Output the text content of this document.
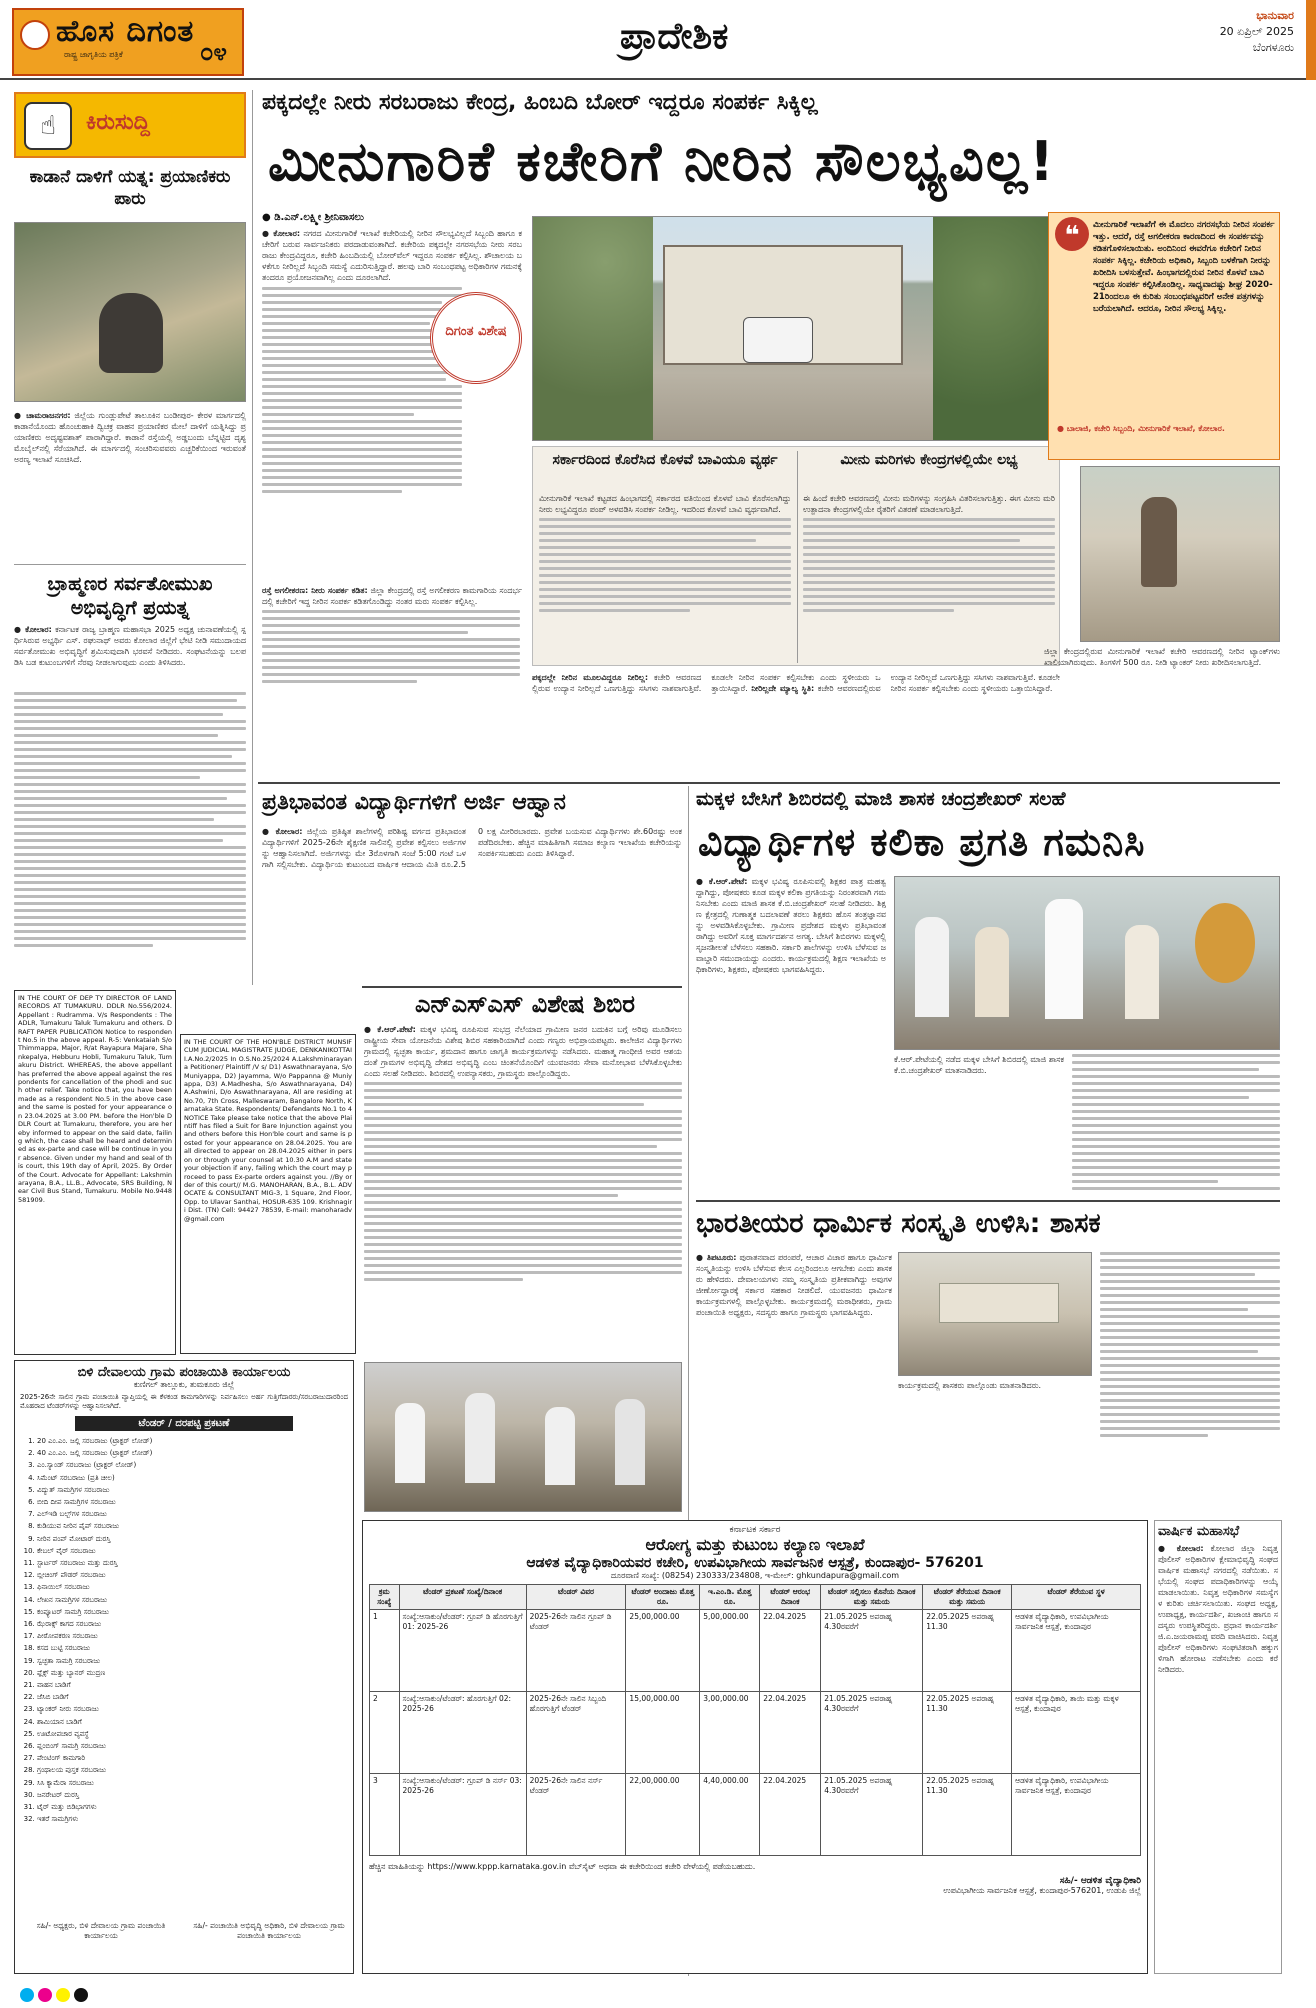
ಹೊಸ ದಿಗಂತ
ರಾಷ್ಟ್ರ ಜಾಗೃತಿಯ ಪತ್ರಿಕೆ	೦೪	ಪ್ರಾದೇಶಿಕ
ಭಾನುವಾರ
20 ಏಪ್ರಿಲ್ 2025
ಬೆಂಗಳೂರು
☝	ಕಿರುಸುದ್ದಿ
ಕಾಡಾನೆ ದಾಳಿಗೆ ಯತ್ನ: ಪ್ರಯಾಣಿಕರು ಪಾರು
● ಚಾಮರಾಜನಗರ: ಜಿಲ್ಲೆಯ ಗುಂಡ್ಲುಪೇಟೆ ತಾಲೂಕಿನ ಬಂಡೀಪುರ- ಕೇರಳ ಮಾರ್ಗದಲ್ಲಿ ಕಾಡಾನೆಯೊಂದು ಹೊಂಚುಹಾಕಿ ದ್ವಿಚಕ್ರ ವಾಹನ ಪ್ರಯಾಣಿಕರ ಮೇಲೆ ದಾಳಿಗೆ ಯತ್ನಿಸಿದ್ದು ಪ್ರಯಾಣಿಕರು ಅದೃಷ್ಟವಶಾತ್ ಪಾರಾಗಿದ್ದಾರೆ. ಕಾಡಾನೆ ರಸ್ತೆಯಲ್ಲಿ ಅಡ್ಡಬಂದು ಬೆನ್ನಟ್ಟಿದ ದೃಶ್ಯ ಮೊಬೈಲ್‌ನಲ್ಲಿ ಸೆರೆಯಾಗಿದೆ. ಈ ಮಾರ್ಗದಲ್ಲಿ ಸಂಚರಿಸುವವರು ಎಚ್ಚರಿಕೆಯಿಂದ ಇರುವಂತೆ ಅರಣ್ಯ ಇಲಾಖೆ ಸೂಚಿಸಿದೆ.
ಬ್ರಾಹ್ಮಣರ ಸರ್ವತೋಮುಖ ಅಭಿವೃದ್ಧಿಗೆ ಪ್ರಯತ್ನ
● ಕೋಲಾರ: ಕರ್ನಾಟಕ ರಾಜ್ಯ ಬ್ರಾಹ್ಮಣ ಮಹಾಸಭಾ 2025 ಅಧ್ಯಕ್ಷ ಚುನಾವಣೆಯಲ್ಲಿ ಸ್ಪರ್ಧಿಸಿರುವ ಅಭ್ಯರ್ಥಿ ಎಸ್. ರಘುನಾಥ್ ಅವರು ಕೋಲಾರ ಜಿಲ್ಲೆಗೆ ಭೇಟಿ ನೀಡಿ ಸಮುದಾಯದ ಸರ್ವತೋಮುಖ ಅಭಿವೃದ್ಧಿಗೆ ಶ್ರಮಿಸುವುದಾಗಿ ಭರವಸೆ ನೀಡಿದರು. ಸಂಘಟನೆಯನ್ನು ಬಲಪಡಿಸಿ ಬಡ ಕುಟುಂಬಗಳಿಗೆ ನೆರವು ನೀಡಲಾಗುವುದು ಎಂದು ತಿಳಿಸಿದರು.
ಪಕ್ಕದಲ್ಲೇ ನೀರು ಸರಬರಾಜು ಕೇಂದ್ರ, ಹಿಂಬದಿ ಬೋರ್ ಇದ್ದರೂ ಸಂಪರ್ಕ ಸಿಕ್ಕಿಲ್ಲ
ಮೀನುಗಾರಿಕೆ ಕಚೇರಿಗೆ ನೀರಿನ ಸೌಲಭ್ಯವಿಲ್ಲ!
● ಡಿ.ಎನ್.ಲಕ್ಷ್ಮೀ ಶ್ರೀನಿವಾಸಲು
● ಕೋಲಾರ: ನಗರದ ಮೀನುಗಾರಿಕೆ ಇಲಾಖೆ ಕಚೇರಿಯಲ್ಲಿ ನೀರಿನ ಸೌಲಭ್ಯವಿಲ್ಲದೆ ಸಿಬ್ಬಂದಿ ಹಾಗೂ ಕಚೇರಿಗೆ ಬರುವ ಸಾರ್ವಜನಿಕರು ಪರದಾಡುವಂತಾಗಿದೆ. ಕಚೇರಿಯ ಪಕ್ಕದಲ್ಲೇ ನಗರಸಭೆಯ ನೀರು ಸರಬರಾಜು ಕೇಂದ್ರವಿದ್ದರೂ, ಕಚೇರಿ ಹಿಂಬದಿಯಲ್ಲಿ ಬೋರ್‌ವೆಲ್ ಇದ್ದರೂ ಸಂಪರ್ಕ ಕಲ್ಪಿಸಿಲ್ಲ. ಶೌಚಾಲಯ ಬಳಕೆಗೂ ನೀರಿಲ್ಲದೆ ಸಿಬ್ಬಂದಿ ಸಮಸ್ಯೆ ಎದುರಿಸುತ್ತಿದ್ದಾರೆ. ಹಲವು ಬಾರಿ ಸಂಬಂಧಪಟ್ಟ ಅಧಿಕಾರಿಗಳ ಗಮನಕ್ಕೆ ತಂದರೂ ಪ್ರಯೋಜನವಾಗಿಲ್ಲ ಎಂದು ದೂರಲಾಗಿದೆ.
ದಿಗಂತ ವಿಶೇಷ
ರಸ್ತೆ ಅಗಲೀಕರಣ: ನೀರು ಸಂಪರ್ಕ ಕಡಿತ: ಜಿಲ್ಲಾ ಕೇಂದ್ರದಲ್ಲಿ ರಸ್ತೆ ಅಗಲೀಕರಣ ಕಾಮಗಾರಿಯ ಸಂದರ್ಭದಲ್ಲಿ ಕಚೇರಿಗೆ ಇದ್ದ ನೀರಿನ ಸಂಪರ್ಕ ಕಡಿತಗೊಂಡಿದ್ದು ನಂತರ ಮರು ಸಂಪರ್ಕ ಕಲ್ಪಿಸಿಲ್ಲ.
ಸರ್ಕಾರದಿಂದ ಕೊರೆಸಿದ ಕೊಳವೆ ಬಾವಿಯೂ ವ್ಯರ್ಥ
ಮೀನುಗಾರಿಕೆ ಇಲಾಖೆ ಕಟ್ಟಡದ ಹಿಂಭಾಗದಲ್ಲಿ ಸರ್ಕಾರದ ವತಿಯಿಂದ ಕೊಳವೆ ಬಾವಿ ಕೊರೆಸಲಾಗಿದ್ದು ನೀರು ಲಭ್ಯವಿದ್ದರೂ ಪಂಪ್ ಅಳವಡಿಸಿ ಸಂಪರ್ಕ ನೀಡಿಲ್ಲ. ಇದರಿಂದ ಕೊಳವೆ ಬಾವಿ ವ್ಯರ್ಥವಾಗಿದೆ.
ಮೀನು ಮರಿಗಳು ಕೇಂದ್ರಗಳಲ್ಲಿಯೇ ಲಭ್ಯ
ಈ ಹಿಂದೆ ಕಚೇರಿ ಆವರಣದಲ್ಲಿ ಮೀನು ಮರಿಗಳನ್ನು ಸಂಗ್ರಹಿಸಿ ವಿತರಿಸಲಾಗುತ್ತಿತ್ತು. ಈಗ ಮೀನು ಮರಿ ಉತ್ಪಾದನಾ ಕೇಂದ್ರಗಳಲ್ಲಿಯೇ ರೈತರಿಗೆ ವಿತರಣೆ ಮಾಡಲಾಗುತ್ತಿದೆ.
ಪಕ್ಕದಲ್ಲೇ ನೀರಿನ ಮೂಲವಿದ್ದರೂ ನೀರಿಲ್ಲ: ಕಚೇರಿ ಆವರಣದಲ್ಲಿರುವ ಉದ್ಯಾನ ನೀರಿಲ್ಲದೆ ಒಣಗುತ್ತಿದ್ದು ಸಸಿಗಳು ನಾಶವಾಗುತ್ತಿವೆ. ಕೂಡಲೇ ನೀರಿನ ಸಂಪರ್ಕ ಕಲ್ಪಿಸಬೇಕು ಎಂದು ಸ್ಥಳೀಯರು ಒತ್ತಾಯಿಸಿದ್ದಾರೆ. ನೀರಿಲ್ಲದೇ ಮ್ಯಾಲ್ಯ ಸ್ಥಿತಿ: ಕಚೇರಿ ಆವರಣದಲ್ಲಿರುವ ಉದ್ಯಾನ ನೀರಿಲ್ಲದೆ ಒಣಗುತ್ತಿದ್ದು ಸಸಿಗಳು ನಾಶವಾಗುತ್ತಿವೆ. ಕೂಡಲೇ ನೀರಿನ ಸಂಪರ್ಕ ಕಲ್ಪಿಸಬೇಕು ಎಂದು ಸ್ಥಳೀಯರು ಒತ್ತಾಯಿಸಿದ್ದಾರೆ.
❝	ಮೀನುಗಾರಿಕೆ ಇಲಾಖೆಗೆ ಈ ಮೊದಲು ನಗರಸಭೆಯ ನೀರಿನ ಸಂಪರ್ಕ ಇತ್ತು. ಆದರೆ, ರಸ್ತೆ ಅಗಲೀಕರಣ ಕಾರಣದಿಂದ ಈ ಸಂಪರ್ಕವನ್ನು ಕಡಿತಗೊಳಿಸಲಾಯಿತು. ಅಂದಿನಿಂದ ಈವರೆಗೂ ಕಚೇರಿಗೆ ನೀರಿನ ಸಂಪರ್ಕ ಸಿಕ್ಕಿಲ್ಲ. ಕಚೇರಿಯ ಅಧಿಕಾರಿ, ಸಿಬ್ಬಂದಿ ಬಳಕೆಗಾಗಿ ನೀರನ್ನು ಖರೀದಿಸಿ ಬಳಸುತ್ತೇವೆ. ಹಿಂಭಾಗದಲ್ಲಿರುವ ನೀರಿನ ಕೊಳವೆ ಬಾವಿ ಇದ್ದರೂ ಸಂಪರ್ಕ ಕಲ್ಪಿಸಿಕೊಂಡಿಲ್ಲ. ಸಾಧ್ಯವಾದಷ್ಟು ಶೀಘ್ರ 2020-21ರಿಂದಲೂ ಈ ಕುರಿತು ಸಂಬಂಧಪಟ್ಟವರಿಗೆ ಅನೇಕ ಪತ್ರಗಳನ್ನು ಬರೆಯಲಾಗಿದೆ. ಆದರೂ, ನೀರಿನ ಸೌಲಭ್ಯ ಸಿಕ್ಕಿಲ್ಲ.
● ಬಾಲಾಜಿ, ಕಚೇರಿ ಸಿಬ್ಬಂದಿ, ಮೀನುಗಾರಿಕೆ ಇಲಾಖೆ, ಕೋಲಾರ.
ಜಿಲ್ಲಾ ಕೇಂದ್ರದಲ್ಲಿರುವ ಮೀನುಗಾರಿಕೆ ಇಲಾಖೆ ಕಚೇರಿ ಆವರಣದಲ್ಲಿ ನೀರಿನ ಟ್ಯಾಂಕ್‌ಗಳು ಖಾಲಿಯಾಗಿರುವುದು. ತಿಂಗಳಿಗೆ 500 ರೂ. ನೀಡಿ ಟ್ಯಾಂಕರ್ ನೀರು ಖರೀದಿಸಲಾಗುತ್ತಿದೆ.
ಪ್ರತಿಭಾವಂತ ವಿದ್ಯಾರ್ಥಿಗಳಿಗೆ ಅರ್ಜಿ ಆಹ್ವಾನ
● ಕೋಲಾರ: ಜಿಲ್ಲೆಯ ಪ್ರತಿಷ್ಠಿತ ಶಾಲೆಗಳಲ್ಲಿ ಪರಿಶಿಷ್ಟ ವರ್ಗದ ಪ್ರತಿಭಾವಂತ ವಿದ್ಯಾರ್ಥಿಗಳಿಗೆ 2025-26ನೇ ಶೈಕ್ಷಣಿಕ ಸಾಲಿನಲ್ಲಿ ಪ್ರವೇಶ ಕಲ್ಪಿಸಲು ಅರ್ಜಿಗಳನ್ನು ಆಹ್ವಾನಿಸಲಾಗಿದೆ. ಅರ್ಜಿಗಳನ್ನು ಮೇ 3ರೊಳಗಾಗಿ ಸಂಜೆ 5:00 ಗಂಟೆ ಒಳಗಾಗಿ ಸಲ್ಲಿಸಬೇಕು. ವಿದ್ಯಾರ್ಥಿಯ ಕುಟುಂಬದ ವಾರ್ಷಿಕ ಆದಾಯ ಮಿತಿ ರೂ.2.50 ಲಕ್ಷ ಮೀರಿರಬಾರದು. ಪ್ರವೇಶ ಬಯಸುವ ವಿದ್ಯಾರ್ಥಿಗಳು ಶೇ.60ರಷ್ಟು ಅಂಕ ಪಡೆದಿರಬೇಕು. ಹೆಚ್ಚಿನ ಮಾಹಿತಿಗಾಗಿ ಸಮಾಜ ಕಲ್ಯಾಣ ಇಲಾಖೆಯ ಕಚೇರಿಯನ್ನು ಸಂಪರ್ಕಿಸಬಹುದು ಎಂದು ತಿಳಿಸಿದ್ದಾರೆ.
ಮಕ್ಕಳ ಬೇಸಿಗೆ ಶಿಬಿರದಲ್ಲಿ ಮಾಜಿ ಶಾಸಕ ಚಂದ್ರಶೇಖರ್ ಸಲಹೆ
ವಿದ್ಯಾರ್ಥಿಗಳ ಕಲಿಕಾ ಪ್ರಗತಿ ಗಮನಿಸಿ
● ಕೆ.ಆರ್.ಪೇಟೆ: ಮಕ್ಕಳ ಭವಿಷ್ಯ ರೂಪಿಸುವಲ್ಲಿ ಶಿಕ್ಷಕರ ಪಾತ್ರ ಮಹತ್ವದ್ದಾಗಿದ್ದು, ಪೋಷಕರು ಕೂಡ ಮಕ್ಕಳ ಕಲಿಕಾ ಪ್ರಗತಿಯನ್ನು ನಿರಂತರವಾಗಿ ಗಮನಿಸಬೇಕು ಎಂದು ಮಾಜಿ ಶಾಸಕ ಕೆ.ಬಿ.ಚಂದ್ರಶೇಖರ್ ಸಲಹೆ ನೀಡಿದರು. ಶಿಕ್ಷಣ ಕ್ಷೇತ್ರದಲ್ಲಿ ಗುಣಾತ್ಮಕ ಬದಲಾವಣೆ ತರಲು ಶಿಕ್ಷಕರು ಹೊಸ ತಂತ್ರಜ್ಞಾನವನ್ನು ಅಳವಡಿಸಿಕೊಳ್ಳಬೇಕು. ಗ್ರಾಮೀಣ ಪ್ರದೇಶದ ಮಕ್ಕಳು ಪ್ರತಿಭಾವಂತರಾಗಿದ್ದು ಅವರಿಗೆ ಸೂಕ್ತ ಮಾರ್ಗದರ್ಶನ ಅಗತ್ಯ. ಬೇಸಿಗೆ ಶಿಬಿರಗಳು ಮಕ್ಕಳಲ್ಲಿ ಸೃಜನಶೀಲತೆ ಬೆಳೆಸಲು ಸಹಕಾರಿ. ಸರ್ಕಾರಿ ಶಾಲೆಗಳನ್ನು ಉಳಿಸಿ ಬೆಳೆಸುವ ಜವಾಬ್ದಾರಿ ಸಮುದಾಯದ್ದು ಎಂದರು. ಕಾರ್ಯಕ್ರಮದಲ್ಲಿ ಶಿಕ್ಷಣ ಇಲಾಖೆಯ ಅಧಿಕಾರಿಗಳು, ಶಿಕ್ಷಕರು, ಪೋಷಕರು ಭಾಗವಹಿಸಿದ್ದರು.
ಕೆ.ಆರ್.ಪೇಟೆಯಲ್ಲಿ ನಡೆದ ಮಕ್ಕಳ ಬೇಸಿಗೆ ಶಿಬಿರದಲ್ಲಿ ಮಾಜಿ ಶಾಸಕ ಕೆ.ಬಿ.ಚಂದ್ರಶೇಖರ್ ಮಾತನಾಡಿದರು.
ಭಾರತೀಯರ ಧಾರ್ಮಿಕ ಸಂಸ್ಕೃತಿ ಉಳಿಸಿ: ಶಾಸಕ
● ತಿಪಟೂರು: ಪುರಾತನವಾದ ಪರಂಪರೆ, ಆಚಾರ ವಿಚಾರ ಹಾಗೂ ಧಾರ್ಮಿಕ ಸಂಸ್ಕೃತಿಯನ್ನು ಉಳಿಸಿ ಬೆಳೆಸುವ ಕೆಲಸ ಎಲ್ಲರಿಂದಲೂ ಆಗಬೇಕು ಎಂದು ಶಾಸಕರು ಹೇಳಿದರು. ದೇವಾಲಯಗಳು ನಮ್ಮ ಸಂಸ್ಕೃತಿಯ ಪ್ರತೀಕವಾಗಿದ್ದು ಅವುಗಳ ಜೀರ್ಣೋದ್ಧಾರಕ್ಕೆ ಸರ್ಕಾರ ಸಹಕಾರ ನೀಡಲಿದೆ. ಯುವಜನರು ಧಾರ್ಮಿಕ ಕಾರ್ಯಕ್ರಮಗಳಲ್ಲಿ ಪಾಲ್ಗೊಳ್ಳಬೇಕು. ಕಾರ್ಯಕ್ರಮದಲ್ಲಿ ಮಠಾಧೀಶರು, ಗ್ರಾಮ ಪಂಚಾಯಿತಿ ಅಧ್ಯಕ್ಷರು, ಸದಸ್ಯರು ಹಾಗೂ ಗ್ರಾಮಸ್ಥರು ಭಾಗವಹಿಸಿದ್ದರು.
ಕಾರ್ಯಕ್ರಮದಲ್ಲಿ ಶಾಸಕರು ಪಾಲ್ಗೊಂಡು ಮಾತನಾಡಿದರು.
IN THE COURT OF DEP TY DIRECTOR OF LAND RECORDS AT TUMAKURU. DDLR No.556/2024. Appellant : Rudramma. V/s Respondents : The ADLR, Tumakuru Taluk Tumakuru and others. DRAFT PAPER PUBLICATION Notice to respondent No.5 in the above appeal. R-5: Venkataiah S/o Thimmappa, Major, R/at Rayapura Majare, Shankepalya, Hebburu Hobli, Tumakuru Taluk, Tumakuru District. WHEREAS, the above appellant has preferred the above appeal against the respondents for cancellation of the phodi and such other relief. Take notice that, you have been made as a respondent No.5 in the above case and the same is posted for your appearance on 23.04.2025 at 3.00 PM. before the Hon'ble DDLR Court at Tumakuru, therefore, you are hereby informed to appear on the said date, failing which, the case shall be heard and determined as ex-parte and case will be continue in your absence. Given under my hand and seal of this court, this 19th day of April, 2025. By Order of the Court. Advocate for Appellant: Lakshminarayana, B.A., LL.B., Advocate, SRS Building, Near Civil Bus Stand, Tumakuru. Mobile No.9448581909.
IN THE COURT OF THE HON'BLE DISTRICT MUNSIF CUM JUDICIAL MAGISTRATE JUDGE, DENKANIKOTTAI I.A.No.2/2025 In O.S.No.25/2024 A.Lakshminarayana Petitioner/ Plaintiff /V s/ D1) Aswathnarayana, S/o Muniyappa, D2) Jayamma, W/o Pappanna @ Muniyappa, D3) A.Madhesha, S/o Aswathnarayana, D4) A.Ashwini, D/o Aswathnarayana, All are residing at No.70, 7th Cross, Malleswaram, Bangalore North, Karnataka State. Respondents/ Defendants No.1 to 4 NOTICE Take please take notice that the above Plaintiff has filed a Suit for Bare Injunction against you and others before this Hon'ble court and same is posted for your appearance on 28.04.2025. You are all directed to appear on 28.04.2025 either in person or through your counsel at 10.30 A.M and state your objection if any, failing which the court may proceed to pass Ex-parte orders against you. //By order of this court// M.G. MANOHARAN, B.A., B.L. ADVOCATE & CONSULTANT MIG-3, 1 Square, 2nd Floor, Opp. to Ulavar Santhai, HOSUR-635 109. Krishnagiri Dist. (TN) Cell: 94427 78539, E-mail: manoharadv@gmail.com
ಎನ್‌ಎಸ್‌ಎಸ್ ವಿಶೇಷ ಶಿಬಿರ
● ಕೆ.ಆರ್.ಪೇಟೆ: ಮಕ್ಕಳ ಭವಿಷ್ಯ ರೂಪಿಸುವ ಸುಭದ್ರ ನೆಲೆಯಾದ ಗ್ರಾಮೀಣ ಜನರ ಬದುಕಿನ ಬಗ್ಗೆ ಅರಿವು ಮೂಡಿಸಲು ರಾಷ್ಟ್ರೀಯ ಸೇವಾ ಯೋಜನೆಯ ವಿಶೇಷ ಶಿಬಿರ ಸಹಕಾರಿಯಾಗಿದೆ ಎಂದು ಗಣ್ಯರು ಅಭಿಪ್ರಾಯಪಟ್ಟರು. ಕಾಲೇಜಿನ ವಿದ್ಯಾರ್ಥಿಗಳು ಗ್ರಾಮದಲ್ಲಿ ಸ್ವಚ್ಛತಾ ಕಾರ್ಯ, ಶ್ರಮದಾನ ಹಾಗೂ ಜಾಗೃತಿ ಕಾರ್ಯಕ್ರಮಗಳನ್ನು ನಡೆಸಿದರು. ಮಹಾತ್ಮ ಗಾಂಧೀಜಿ ಅವರ ಆಶಯದಂತೆ ಗ್ರಾಮಗಳ ಅಭಿವೃದ್ಧಿ ದೇಶದ ಅಭಿವೃದ್ಧಿ ಎಂಬ ಚಿಂತನೆಯೊಂದಿಗೆ ಯುವಜನರು ಸೇವಾ ಮನೋಭಾವ ಬೆಳೆಸಿಕೊಳ್ಳಬೇಕು ಎಂದು ಸಲಹೆ ನೀಡಿದರು. ಶಿಬಿರದಲ್ಲಿ ಉಪನ್ಯಾಸಕರು, ಗ್ರಾಮಸ್ಥರು ಪಾಲ್ಗೊಂಡಿದ್ದರು.
ಬಿಳಿ ದೇವಾಲಯ ಗ್ರಾಮ ಪಂಚಾಯಿತಿ ಕಾರ್ಯಾಲಯ
ಕುಣಿಗಲ್ ತಾಲ್ಲೂಕು, ತುಮಕೂರು ಜಿಲ್ಲೆ
2025-26ನೇ ಸಾಲಿನ ಗ್ರಾಮ ಪಂಚಾಯಿತಿ ವ್ಯಾಪ್ತಿಯಲ್ಲಿ ಈ ಕೆಳಕಂಡ ಕಾಮಗಾರಿಗಳನ್ನು ನಿರ್ವಹಿಸಲು ಅರ್ಹ ಗುತ್ತಿಗೆದಾರರು/ಸರಬರಾಜುದಾರರಿಂದ ಮೊಹರಾದ ಟೆಂಡರ್‌ಗಳನ್ನು ಆಹ್ವಾನಿಸಲಾಗಿದೆ.
ಟೆಂಡರ್ / ದರಪಟ್ಟಿ ಪ್ರಕಟಣೆ
1. 20 ಎಂ.ಎಂ. ಜಲ್ಲಿ ಸರಬರಾಜು (ಟ್ರಾಕ್ಟರ್ ಲೋಡ್)
2. 40 ಎಂ.ಎಂ. ಜಲ್ಲಿ ಸರಬರಾಜು (ಟ್ರಾಕ್ಟರ್ ಲೋಡ್)
3. ಎಂ.ಸ್ಯಾಂಡ್ ಸರಬರಾಜು (ಟ್ರಾಕ್ಟರ್ ಲೋಡ್)
4. ಸಿಮೆಂಟ್ ಸರಬರಾಜು (ಪ್ರತಿ ಚೀಲ)
5. ವಿದ್ಯುತ್ ಸಾಮಗ್ರಿಗಳ ಸರಬರಾಜು
6. ಬೀದಿ ದೀಪ ಸಾಮಗ್ರಿಗಳ ಸರಬರಾಜು
7. ಎಲ್‌ಇಡಿ ಬಲ್ಬ್‌ಗಳ ಸರಬರಾಜು
8. ಕುಡಿಯುವ ನೀರಿನ ಪೈಪ್ ಸರಬರಾಜು
9. ನೀರಿನ ಪಂಪ್ ಮೋಟಾರ್ ದುರಸ್ತಿ
10. ಕೇಬಲ್ ವೈರ್ ಸರಬರಾಜು
11. ಸ್ಟಾರ್ಟರ್ ಸರಬರಾಜು ಮತ್ತು ದುರಸ್ತಿ
12. ಬ್ಲೀಚಿಂಗ್ ಪೌಡರ್ ಸರಬರಾಜು
13. ಫಿನಾಯಿಲ್ ಸರಬರಾಜು
14. ಲೇಖನ ಸಾಮಗ್ರಿಗಳ ಸರಬರಾಜು
15. ಕಂಪ್ಯೂಟರ್ ಸಾಮಗ್ರಿ ಸರಬರಾಜು
16. ಝೆರಾಕ್ಸ್ ಕಾಗದ ಸರಬರಾಜು
17. ಪೀಠೋಪಕರಣ ಸರಬರಾಜು
18. ಕಸದ ಬುಟ್ಟಿ ಸರಬರಾಜು
19. ಸ್ವಚ್ಛತಾ ಸಾಮಗ್ರಿ ಸರಬರಾಜು
20. ಫ್ಲೆಕ್ಸ್ ಮತ್ತು ಬ್ಯಾನರ್ ಮುದ್ರಣ
21. ವಾಹನ ಬಾಡಿಗೆ
22. ಜೆಸಿಬಿ ಬಾಡಿಗೆ
23. ಟ್ಯಾಂಕರ್ ನೀರು ಸರಬರಾಜು
24. ಶಾಮಿಯಾನ ಬಾಡಿಗೆ
25. ಊಟೋಪಚಾರ ವ್ಯವಸ್ಥೆ
26. ಪ್ಲಂಬಿಂಗ್ ಸಾಮಗ್ರಿ ಸರಬರಾಜು
27. ಪೇಂಟಿಂಗ್ ಕಾಮಗಾರಿ
28. ಗ್ರಂಥಾಲಯ ಪುಸ್ತಕ ಸರಬರಾಜು
29. ಸಿಸಿ ಕ್ಯಾಮೆರಾ ಸರಬರಾಜು
30. ಜನರೇಟರ್ ದುರಸ್ತಿ
31. ಟೈರ್ ಮತ್ತು ಬಿಡಿಭಾಗಗಳು
32. ಇತರೆ ಸಾಮಗ್ರಿಗಳು
ಸಹಿ/- ಅಧ್ಯಕ್ಷರು, ಬಿಳಿ ದೇವಾಲಯ ಗ್ರಾಮ ಪಂಚಾಯಿತಿ ಕಾರ್ಯಾಲಯ
ಸಹಿ/- ಪಂಚಾಯಿತಿ ಅಭಿವೃದ್ಧಿ ಅಧಿಕಾರಿ, ಬಿಳಿ ದೇವಾಲಯ ಗ್ರಾಮ ಪಂಚಾಯಿತಿ ಕಾರ್ಯಾಲಯ
ಕರ್ನಾಟಕ ಸರ್ಕಾರ
ಆರೋಗ್ಯ ಮತ್ತು ಕುಟುಂಬ ಕಲ್ಯಾಣ ಇಲಾಖೆ
ಆಡಳಿತ ವೈದ್ಯಾಧಿಕಾರಿಯವರ ಕಚೇರಿ, ಉಪವಿಭಾಗೀಯ ಸಾರ್ವಜನಿಕ ಆಸ್ಪತ್ರೆ, ಕುಂದಾಪುರ- 576201
ದೂರವಾಣಿ ಸಂಖ್ಯೆ: (08254) 230333/234808, ಇ-ಮೇಲ್: ghkundapura@gmail.com
ಕ್ರಮ ಸಂಖ್ಯೆ	ಟೆಂಡರ್ ಪ್ರಕಟಣೆ ಸಂಖ್ಯೆ/ದಿನಾಂಕ	ಟೆಂಡರ್ ವಿವರ	ಟೆಂಡರ್ ಅಂದಾಜು ಮೊತ್ತ ರೂ.	ಇ.ಎಂ.ಡಿ. ಮೊತ್ತ ರೂ.	ಟೆಂಡರ್ ಆರಂಭ ದಿನಾಂಕ	ಟೆಂಡರ್ ಸಲ್ಲಿಸಲು ಕೊನೆಯ ದಿನಾಂಕ ಮತ್ತು ಸಮಯ	ಟೆಂಡರ್ ತೆರೆಯುವ ದಿನಾಂಕ ಮತ್ತು ಸಮಯ	ಟೆಂಡರ್ ತೆರೆಯುವ ಸ್ಥಳ
1	ಸಂಖ್ಯೆ:ಆಸಾಕುಂ/ಟೆಂಡರ್: ಗ್ರೂಪ್ ಡಿ ಹೊರಗುತ್ತಿಗೆ 01: 2025-26	2025-26ನೇ ಸಾಲಿನ ಗ್ರೂಪ್ ಡಿ ಟೆಂಡರ್	25,00,000.00	5,00,000.00	22.04.2025	21.05.2025 ಅಪರಾಹ್ನ 4.30ರವರೆಗೆ	22.05.2025 ಅಪರಾಹ್ನ 11.30	ಆಡಳಿತ ವೈದ್ಯಾಧಿಕಾರಿ, ಉಪವಿಭಾಗೀಯ ಸಾರ್ವಜನಿಕ ಆಸ್ಪತ್ರೆ, ಕುಂದಾಪುರ
2	ಸಂಖ್ಯೆ:ಆಸಾಕುಂ/ಟೆಂಡರ್: ಹೊರಗುತ್ತಿಗೆ 02: 2025-26	2025-26ನೇ ಸಾಲಿನ ಸಿಬ್ಬಂದಿ ಹೊರಗುತ್ತಿಗೆ ಟೆಂಡರ್	15,00,000.00	3,00,000.00	22.04.2025	21.05.2025 ಅಪರಾಹ್ನ 4.30ರವರೆಗೆ	22.05.2025 ಅಪರಾಹ್ನ 11.30	ಆಡಳಿತ ವೈದ್ಯಾಧಿಕಾರಿ, ತಾಯಿ ಮತ್ತು ಮಕ್ಕಳ ಆಸ್ಪತ್ರೆ, ಕುಂದಾಪುರ
3	ಸಂಖ್ಯೆ:ಆಸಾಕುಂ/ಟೆಂಡರ್: ಗ್ರೂಪ್ ಡಿ ನರ್ಸ್ 03: 2025-26	2025-26ನೇ ಸಾಲಿನ ನರ್ಸ್ ಟೆಂಡರ್	22,00,000.00	4,40,000.00	22.04.2025	21.05.2025 ಅಪರಾಹ್ನ 4.30ರವರೆಗೆ	22.05.2025 ಅಪರಾಹ್ನ 11.30	ಆಡಳಿತ ವೈದ್ಯಾಧಿಕಾರಿ, ಉಪವಿಭಾಗೀಯ ಸಾರ್ವಜನಿಕ ಆಸ್ಪತ್ರೆ, ಕುಂದಾಪುರ
ಹೆಚ್ಚಿನ ಮಾಹಿತಿಯನ್ನು https://www.kppp.karnataka.gov.in ವೆಬ್‌ಸೈಟ್ ಅಥವಾ ಈ ಕಚೇರಿಯಿಂದ ಕಚೇರಿ ವೇಳೆಯಲ್ಲಿ ಪಡೆಯಬಹುದು.
ಸಹಿ/- ಆಡಳಿತ ವೈದ್ಯಾಧಿಕಾರಿ
ಉಪವಿಭಾಗೀಯ ಸಾರ್ವಜನಿಕ ಆಸ್ಪತ್ರೆ, ಕುಂದಾಪುರ-576201, ಉಡುಪಿ ಜಿಲ್ಲೆ
ವಾರ್ಷಿಕ ಮಹಾಸಭೆ
● ಕೋಲಾರ: ಕೋಲಾರ ಜಿಲ್ಲಾ ನಿವೃತ್ತ ಪೊಲೀಸ್ ಅಧಿಕಾರಿಗಳ ಕ್ಷೇಮಾಭಿವೃದ್ಧಿ ಸಂಘದ ವಾರ್ಷಿಕ ಮಹಾಸಭೆ ನಗರದಲ್ಲಿ ನಡೆಯಿತು. ಸಭೆಯಲ್ಲಿ ಸಂಘದ ಪದಾಧಿಕಾರಿಗಳನ್ನು ಆಯ್ಕೆ ಮಾಡಲಾಯಿತು. ನಿವೃತ್ತ ಅಧಿಕಾರಿಗಳ ಸಮಸ್ಯೆಗಳ ಕುರಿತು ಚರ್ಚಿಸಲಾಯಿತು. ಸಂಘದ ಅಧ್ಯಕ್ಷ, ಉಪಾಧ್ಯಕ್ಷ, ಕಾರ್ಯದರ್ಶಿ, ಖಜಾಂಚಿ ಹಾಗೂ ಸದಸ್ಯರು ಉಪಸ್ಥಿತರಿದ್ದರು. ಪ್ರಧಾನ ಕಾರ್ಯದರ್ಶಿ ಜಿ.ಎ.ಜಯರಾಮಪ್ಪ ವರದಿ ವಾಚಿಸಿದರು. ನಿವೃತ್ತ ಪೊಲೀಸ್ ಅಧಿಕಾರಿಗಳು ಸಂಘಟಿತರಾಗಿ ಹಕ್ಕುಗಳಿಗಾಗಿ ಹೋರಾಟ ನಡೆಸಬೇಕು ಎಂದು ಕರೆ ನೀಡಿದರು.
